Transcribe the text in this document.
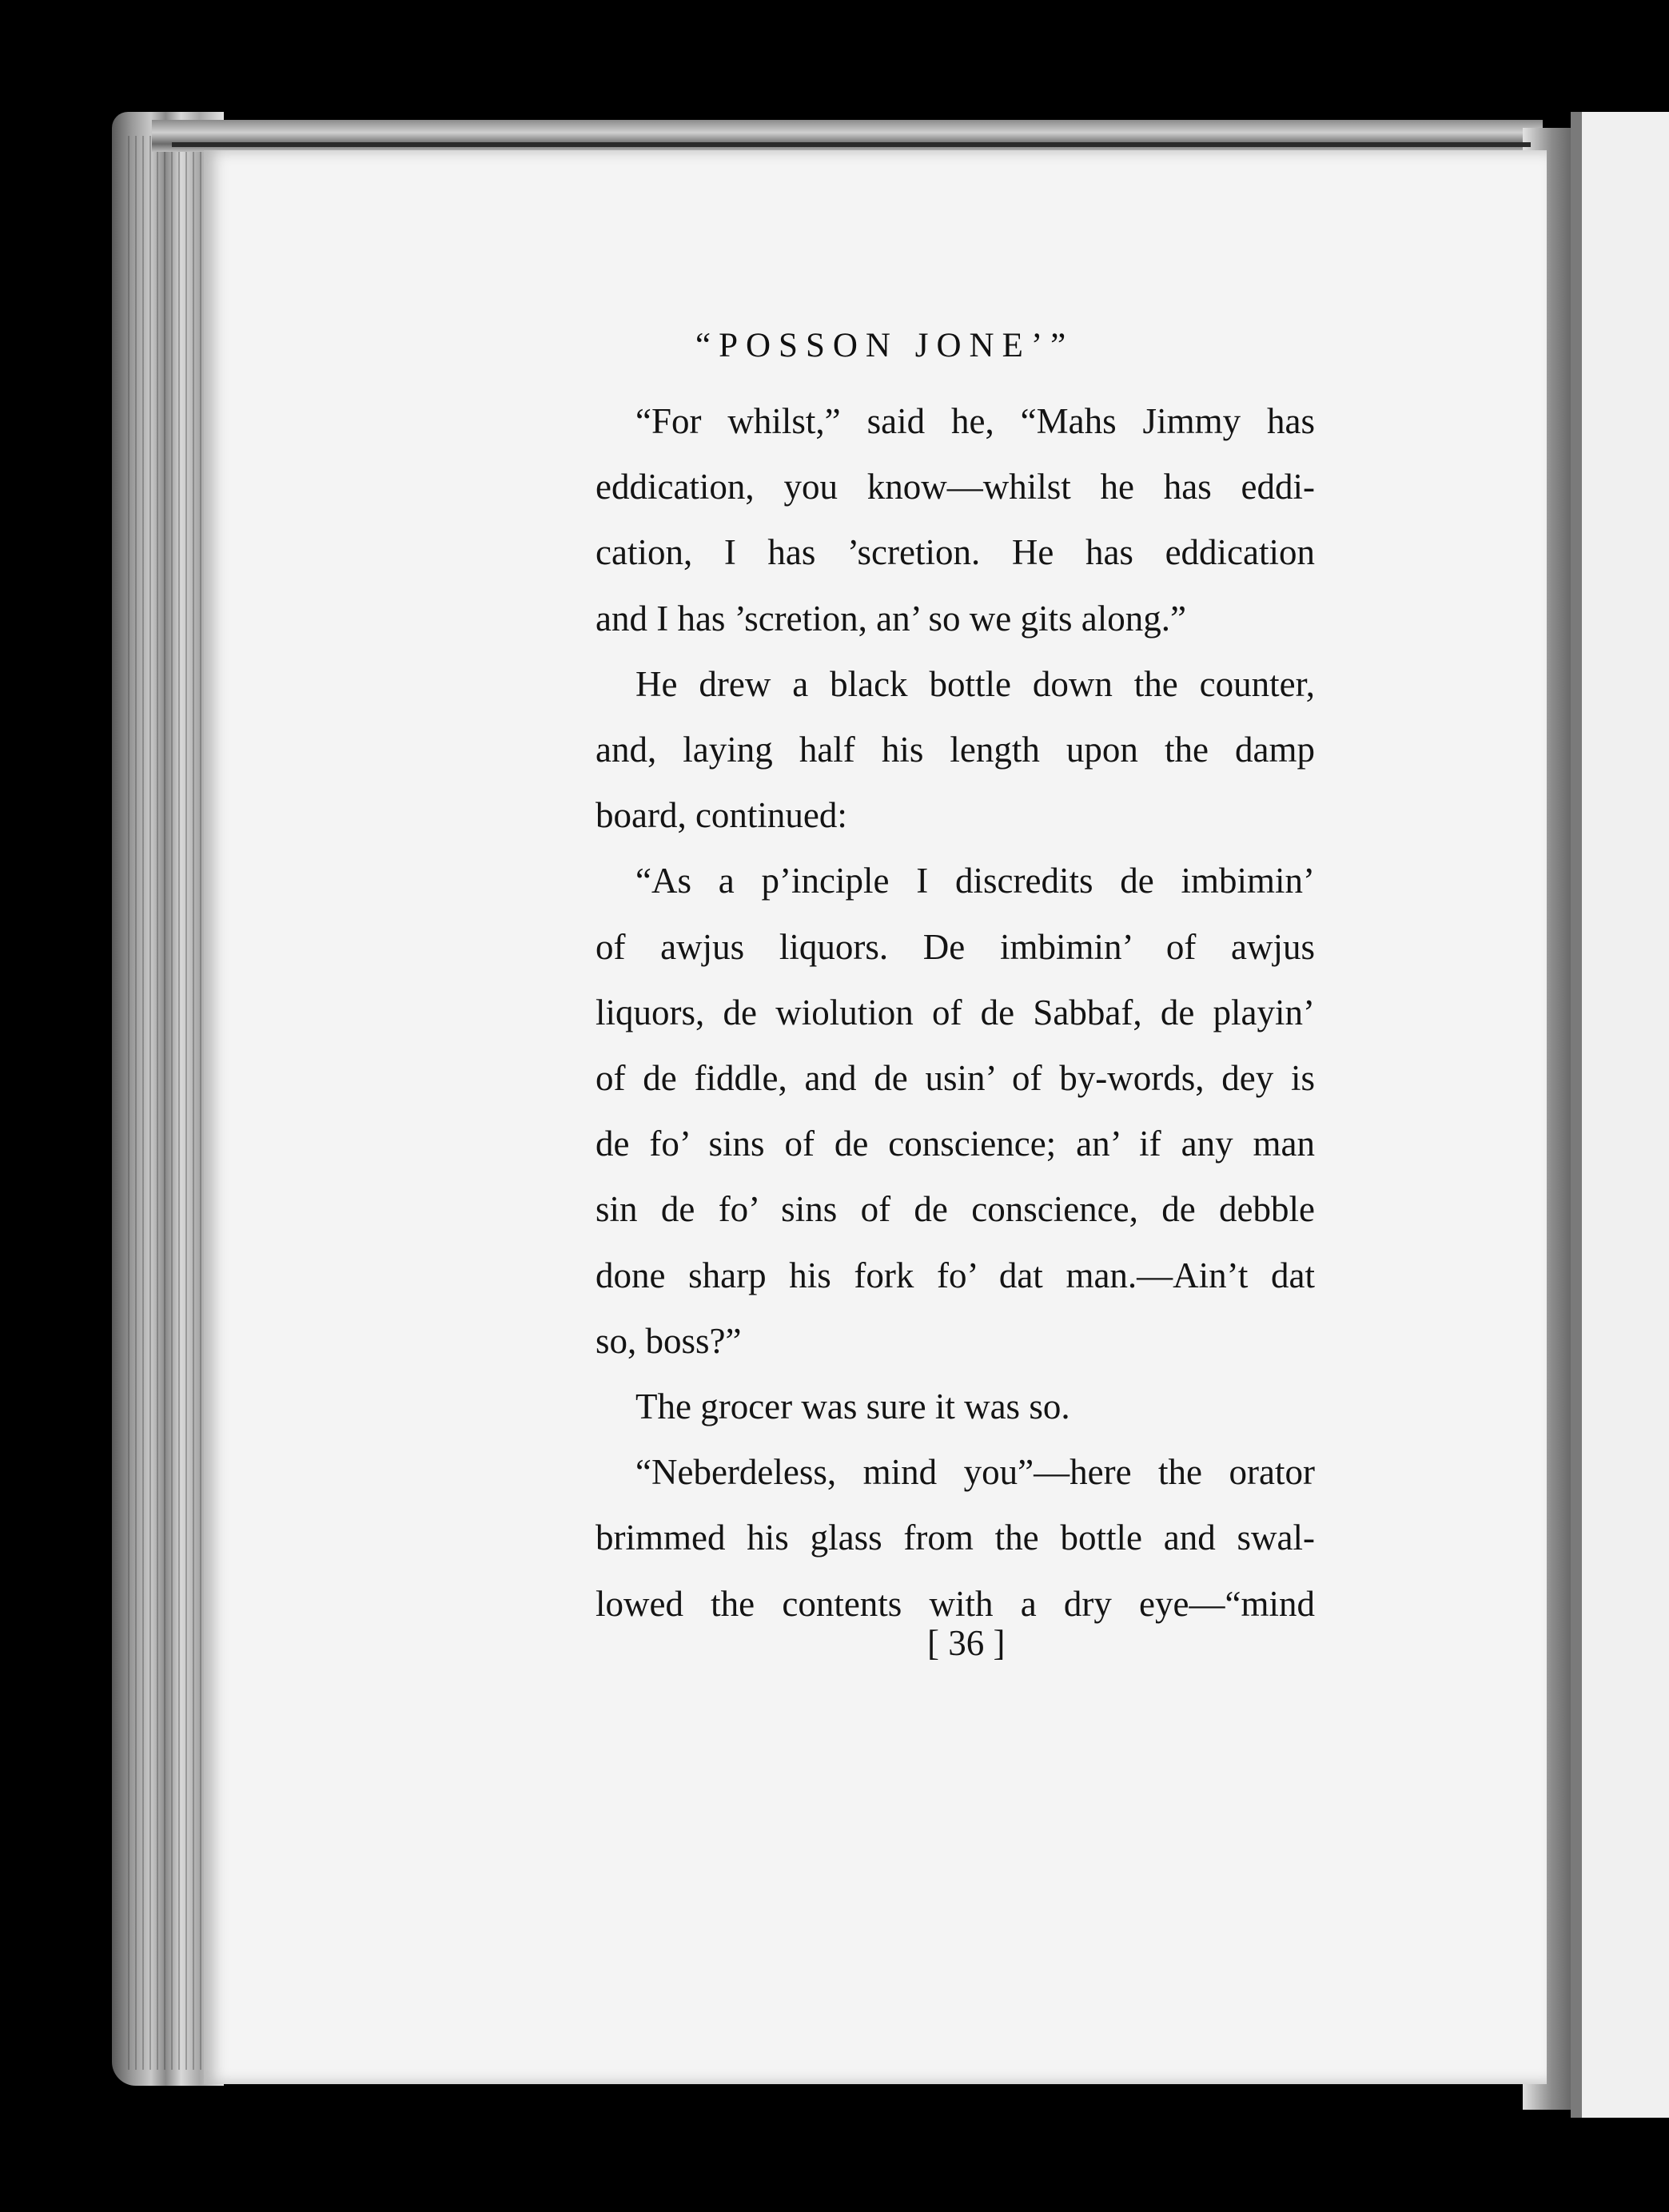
“POSSON JONE’”
“For whilst,” said he, “Mahs Jimmy has
eddication, you know—whilst he has eddi-
cation, I has ’scretion. He has eddication
and I has ’scretion, an’ so we gits along.”
He drew a black bottle down the counter,
and, laying half his length upon the damp
board, continued:
“As a p’inciple I discredits de imbimin’
of awjus liquors. De imbimin’ of awjus
liquors, de wiolution of de Sabbaf, de playin’
of de fiddle, and de usin’ of by-words, dey is
de fo’ sins of de conscience; an’ if any man
sin de fo’ sins of de conscience, de debble
done sharp his fork fo’ dat man.—Ain’t dat
so, boss?”
The grocer was sure it was so.
“Neberdeless, mind you”—here the orator
brimmed his glass from the bottle and swal-
lowed the contents with a dry eye—“mind
[ 36 ]
